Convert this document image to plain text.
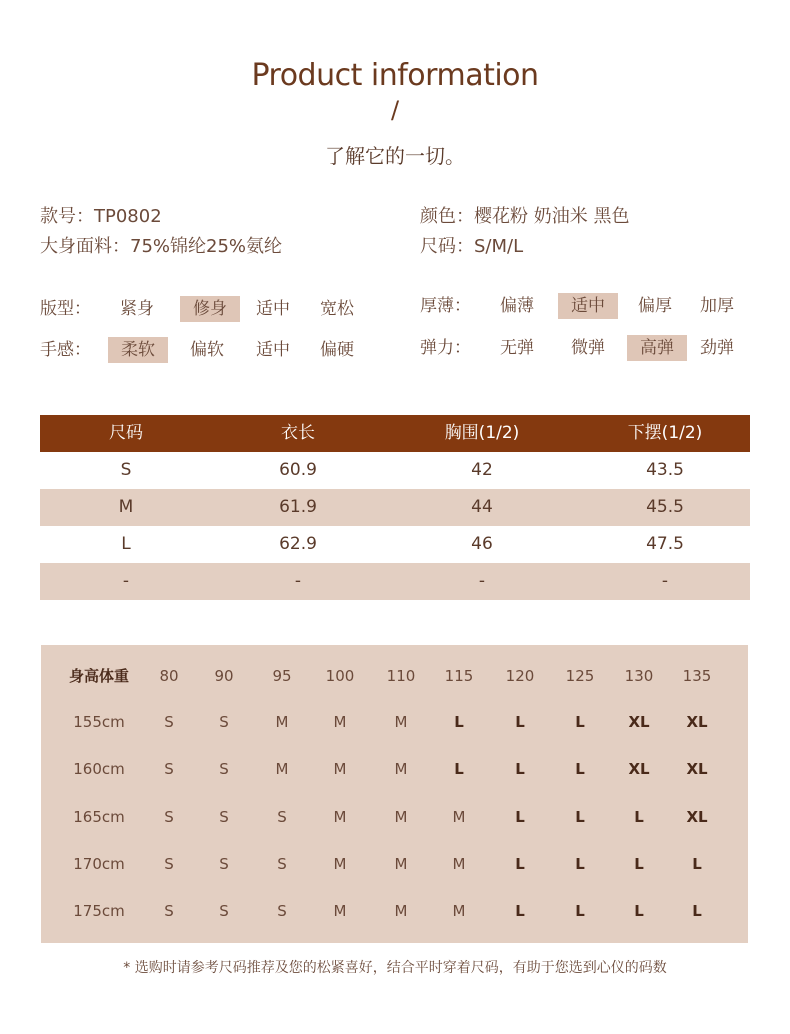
Product information
/
了解它的一切。
款号：TP0802
大身面料：75%锦纶25%氨纶
颜色：樱花粉 奶油米 黑色
尺码：S/M/L
版型： 紧身	修身	适中 宽松
手感：	柔软	偏软 适中 偏硬
厚薄： 偏薄	适中	偏厚 加厚
弹力： 无弹 微弹	高弹	劲弹
尺码	衣长	胸围(1/2)	下摆(1/2)
S	60.9	42	43.5
M	61.9	44	45.5
L	62.9	46	47.5
-	-	-	-
身高体重	80	90	95	100	110	115	120	125	130	135
155cm	S	S	M	M	M	L	L	L	XL	XL
160cm	S	S	M	M	M	L	L	L	XL	XL
165cm	S	S	S	M	M	M	L	L	L	XL
170cm	S	S	S	M	M	M	L	L	L	L
175cm	S	S	S	M	M	M	L	L	L	L
* 选购时请参考尺码推荐及您的松紧喜好，结合平时穿着尺码，有助于您选到心仪的码数
